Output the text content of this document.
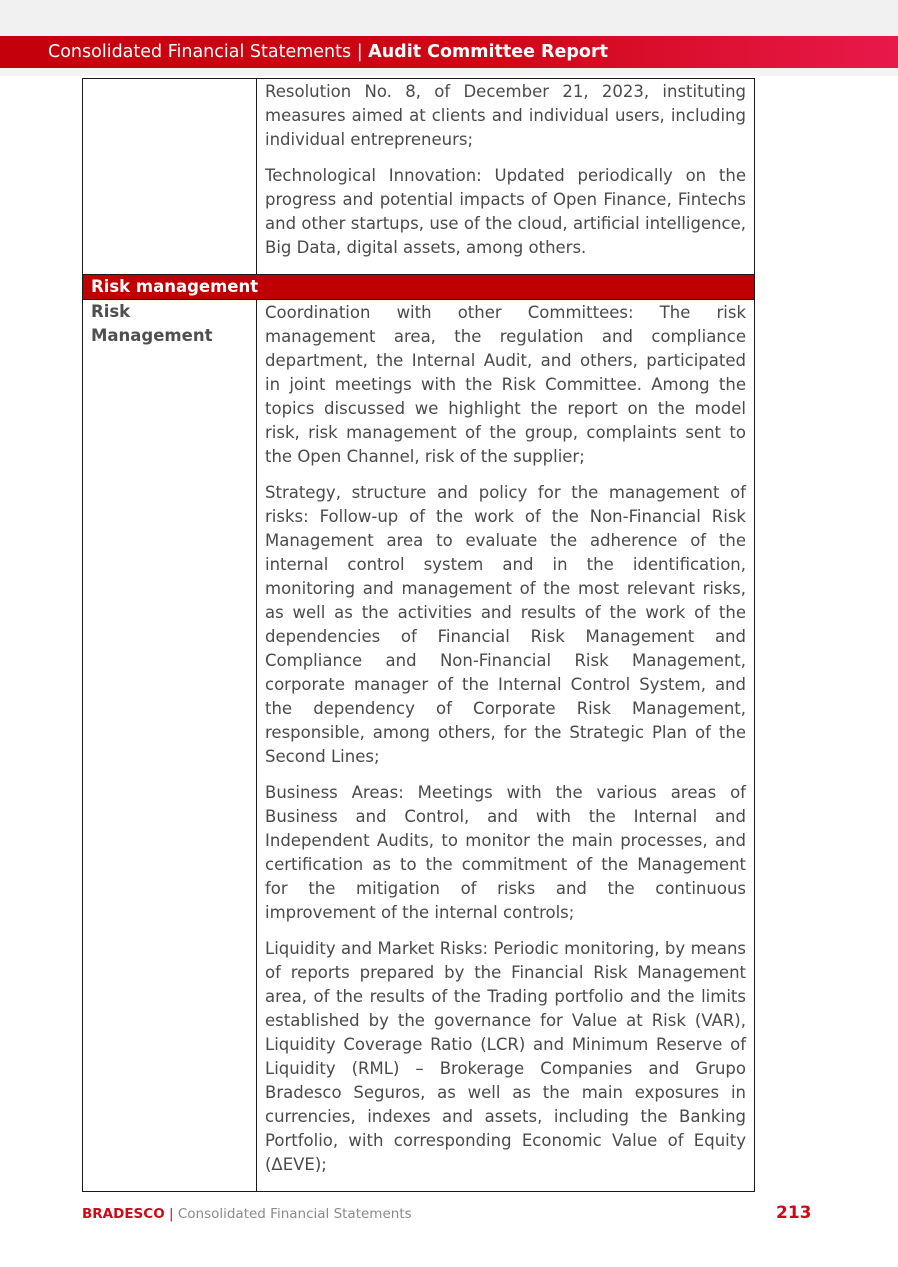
Consolidated Financial Statements | Audit Committee Report

	Resolution No. 8, of December 21, 2023, instituting measures aimed at clients and individual users, including individual entrepreneurs;

Technological Innovation: Updated periodically on the progress and potential impacts of Open Finance, Fintechs and other startups, use of the cloud, artificial intelligence, Big Data, digital assets, among others.

Risk management	

Risk Management	Coordination with other Committees: The risk management area, the regulation and compliance department, the Internal Audit, and others, participated in joint meetings with the Risk Committee. Among the topics discussed we highlight the report on the model risk, risk management of the group, complaints sent to the Open Channel, risk of the supplier;

Strategy, structure and policy for the management of risks: Follow-up of the work of the Non-Financial Risk Management area to evaluate the adherence of the internal control system and in the identification, monitoring and management of the most relevant risks, as well as the activities and results of the work of the dependencies of Financial Risk Management and Compliance and Non-Financial Risk Management, corporate manager of the Internal Control System, and the dependency of Corporate Risk Management, responsible, among others, for the Strategic Plan of the Second Lines;

Business Areas: Meetings with the various areas of Business and Control, and with the Internal and Independent Audits, to monitor the main processes, and certification as to the commitment of the Management for the mitigation of risks and the continuous improvement of the internal controls;

Liquidity and Market Risks: Periodic monitoring, by means of reports prepared by the Financial Risk Management area, of the results of the Trading portfolio and the limits established by the governance for Value at Risk (VAR), Liquidity Coverage Ratio (LCR) and Minimum Reserve of Liquidity (RML) – Brokerage Companies and Grupo Bradesco Seguros, as well as the main exposures in currencies, indexes and assets, including the Banking Portfolio, with corresponding Economic Value of Equity (ΔEVE);

BRADESCO | Consolidated Financial Statements	213
